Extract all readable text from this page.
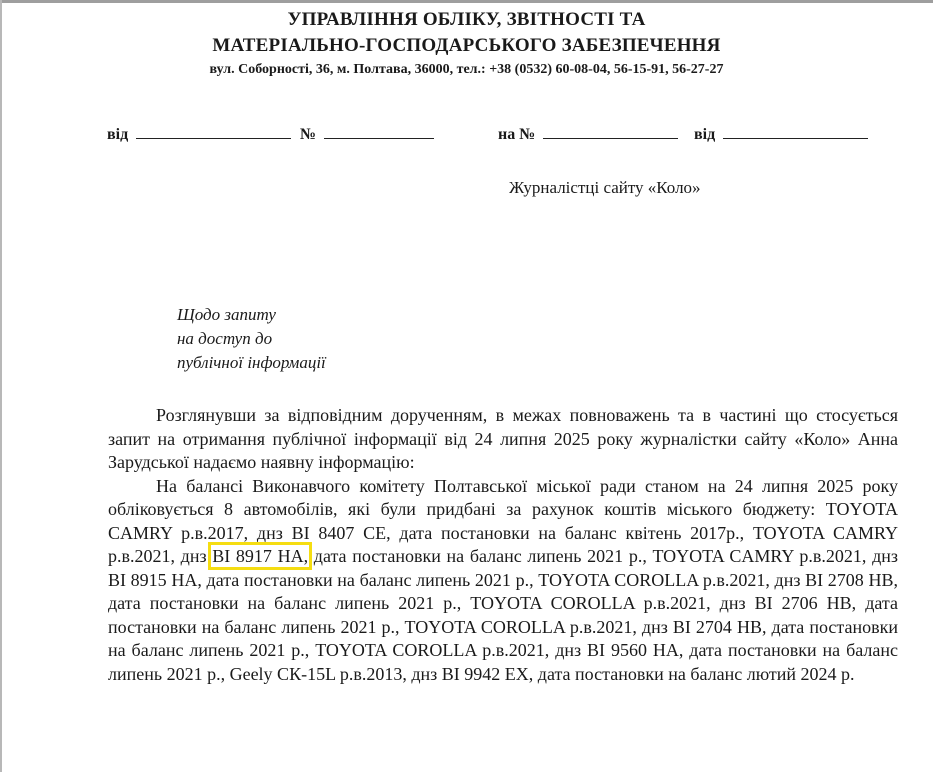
УПРАВЛІННЯ ОБЛІКУ, ЗВІТНОСТІ ТА
МАТЕРІАЛЬНО-ГОСПОДАРСЬКОГО ЗАБЕЗПЕЧЕННЯ
вул. Соборності, 36, м. Полтава, 36000, тел.: +38 (0532) 60-08-04, 56-15-91, 56-27-27
від	№	на №	від
Журналістці сайту «Коло»
Щодо запиту
на доступ до
публічної інформації

Розглянувши за відповідним дорученням, в межах повноважень та в частині що стосується запит на отримання публічної інформації від 24 липня 2025 року журналістки сайту «Коло» Анна Зарудської надаємо наявну інформацію:

На балансі Виконавчого комітету Полтавської міської ради станом на 24 липня 2025 року обліковується 8 автомобілів, які були придбані за рахунок коштів міського бюджету: TOYOTA CAMRY р.в.2017, днз ВІ 8407 СЕ, дата постановки на баланс квітень 2017р., TOYOTA CAMRY р.в.2021, днз ВІ 8917 НА, дата постановки на баланс липень 2021 р., TOYOTA CAMRY р.в.2021, днз ВІ 8915 НА, дата постановки на баланс липень 2021 р., TOYOTA COROLLA р.в.2021, днз ВІ 2708 НВ, дата постановки на баланс липень 2021 р., TOYOTA COROLLA р.в.2021, днз ВІ 2706 НВ, дата постановки на баланс липень 2021 р., TOYOTA COROLLA р.в.2021, днз ВІ 2704 НВ, дата постановки на баланс липень 2021 р., TOYOTA COROLLA р.в.2021, днз ВІ 9560 НА, дата постановки на баланс липень 2021 р., Geely СК-15L р.в.2013, днз ВІ 9942 ЕХ, дата постановки на баланс лютий 2024 р.
